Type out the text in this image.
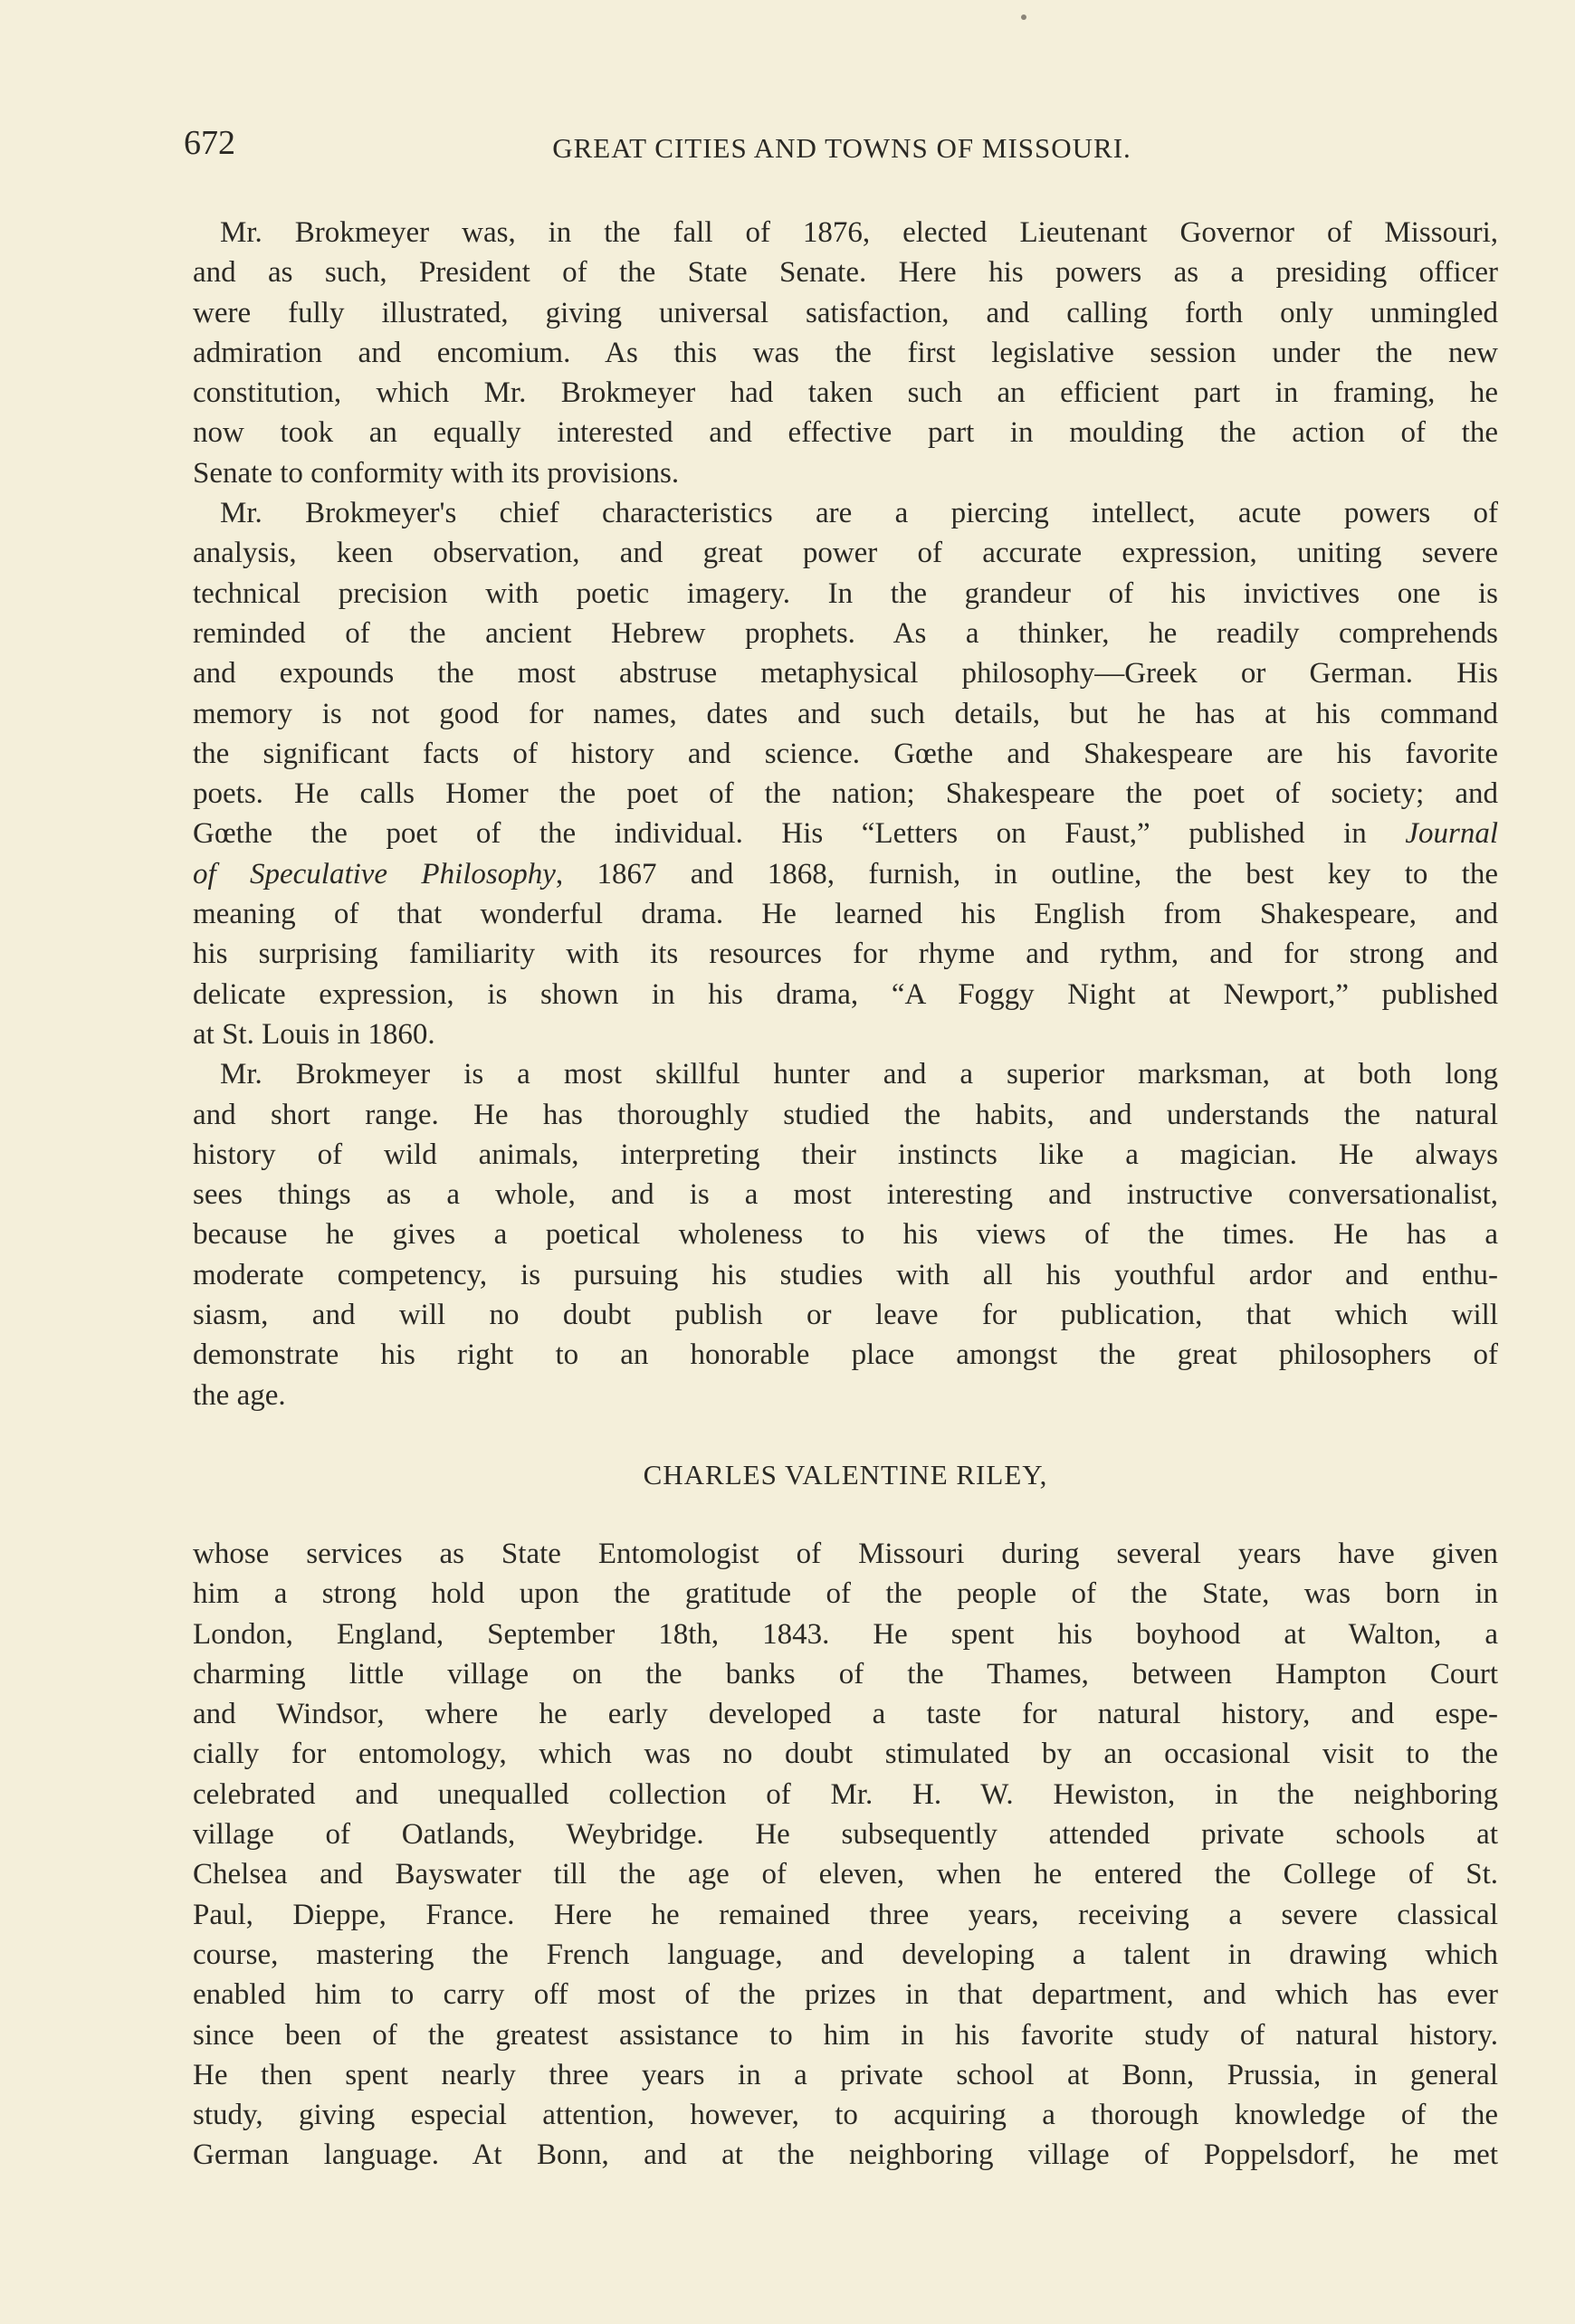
672	GREAT CITIES AND TOWNS OF MISSOURI.
Mr. Brokmeyer was, in the fall of 1876, elected Lieutenant Governor of Missouri,
and as such, President of the State Senate. Here his powers as a presiding officer
were fully illustrated, giving universal satisfaction, and calling forth only unmingled
admiration and encomium. As this was the first legislative session under the new
constitution, which Mr. Brokmeyer had taken such an efficient part in framing, he
now took an equally interested and effective part in moulding the action of the
Senate to conformity with its provisions.
Mr. Brokmeyer's chief characteristics are a piercing intellect, acute powers of
analysis, keen observation, and great power of accurate expression, uniting severe
technical precision with poetic imagery. In the grandeur of his invictives one is
reminded of the ancient Hebrew prophets. As a thinker, he readily comprehends
and expounds the most abstruse metaphysical philosophy—Greek or German. His
memory is not good for names, dates and such details, but he has at his command
the significant facts of history and science. Gœthe and Shakespeare are his favorite
poets. He calls Homer the poet of the nation; Shakespeare the poet of society; and
Gœthe the poet of the individual. His “Letters on Faust,” published in Journal
of Speculative Philosophy, 1867 and 1868, furnish, in outline, the best key to the
meaning of that wonderful drama. He learned his English from Shakespeare, and
his surprising familiarity with its resources for rhyme and rythm, and for strong and
delicate expression, is shown in his drama, “A Foggy Night at Newport,” published
at St. Louis in 1860.
Mr. Brokmeyer is a most skillful hunter and a superior marksman, at both long
and short range. He has thoroughly studied the habits, and understands the natural
history of wild animals, interpreting their instincts like a magician. He always
sees things as a whole, and is a most interesting and instructive conversationalist,
because he gives a poetical wholeness to his views of the times. He has a
moderate competency, is pursuing his studies with all his youthful ardor and enthu-
siasm, and will no doubt publish or leave for publication, that which will
demonstrate his right to an honorable place amongst the great philosophers of
the age.
CHARLES VALENTINE RILEY,
whose services as State Entomologist of Missouri during several years have given
him a strong hold upon the gratitude of the people of the State, was born in
London, England, September 18th, 1843. He spent his boyhood at Walton, a
charming little village on the banks of the Thames, between Hampton Court
and Windsor, where he early developed a taste for natural history, and espe-
cially for entomology, which was no doubt stimulated by an occasional visit to the
celebrated and unequalled collection of Mr. H. W. Hewiston, in the neighboring
village of Oatlands, Weybridge. He subsequently attended private schools at
Chelsea and Bayswater till the age of eleven, when he entered the College of St.
Paul, Dieppe, France. Here he remained three years, receiving a severe classical
course, mastering the French language, and developing a talent in drawing which
enabled him to carry off most of the prizes in that department, and which has ever
since been of the greatest assistance to him in his favorite study of natural history.
He then spent nearly three years in a private school at Bonn, Prussia, in general
study, giving especial attention, however, to acquiring a thorough knowledge of the
German language. At Bonn, and at the neighboring village of Poppelsdorf, he met
